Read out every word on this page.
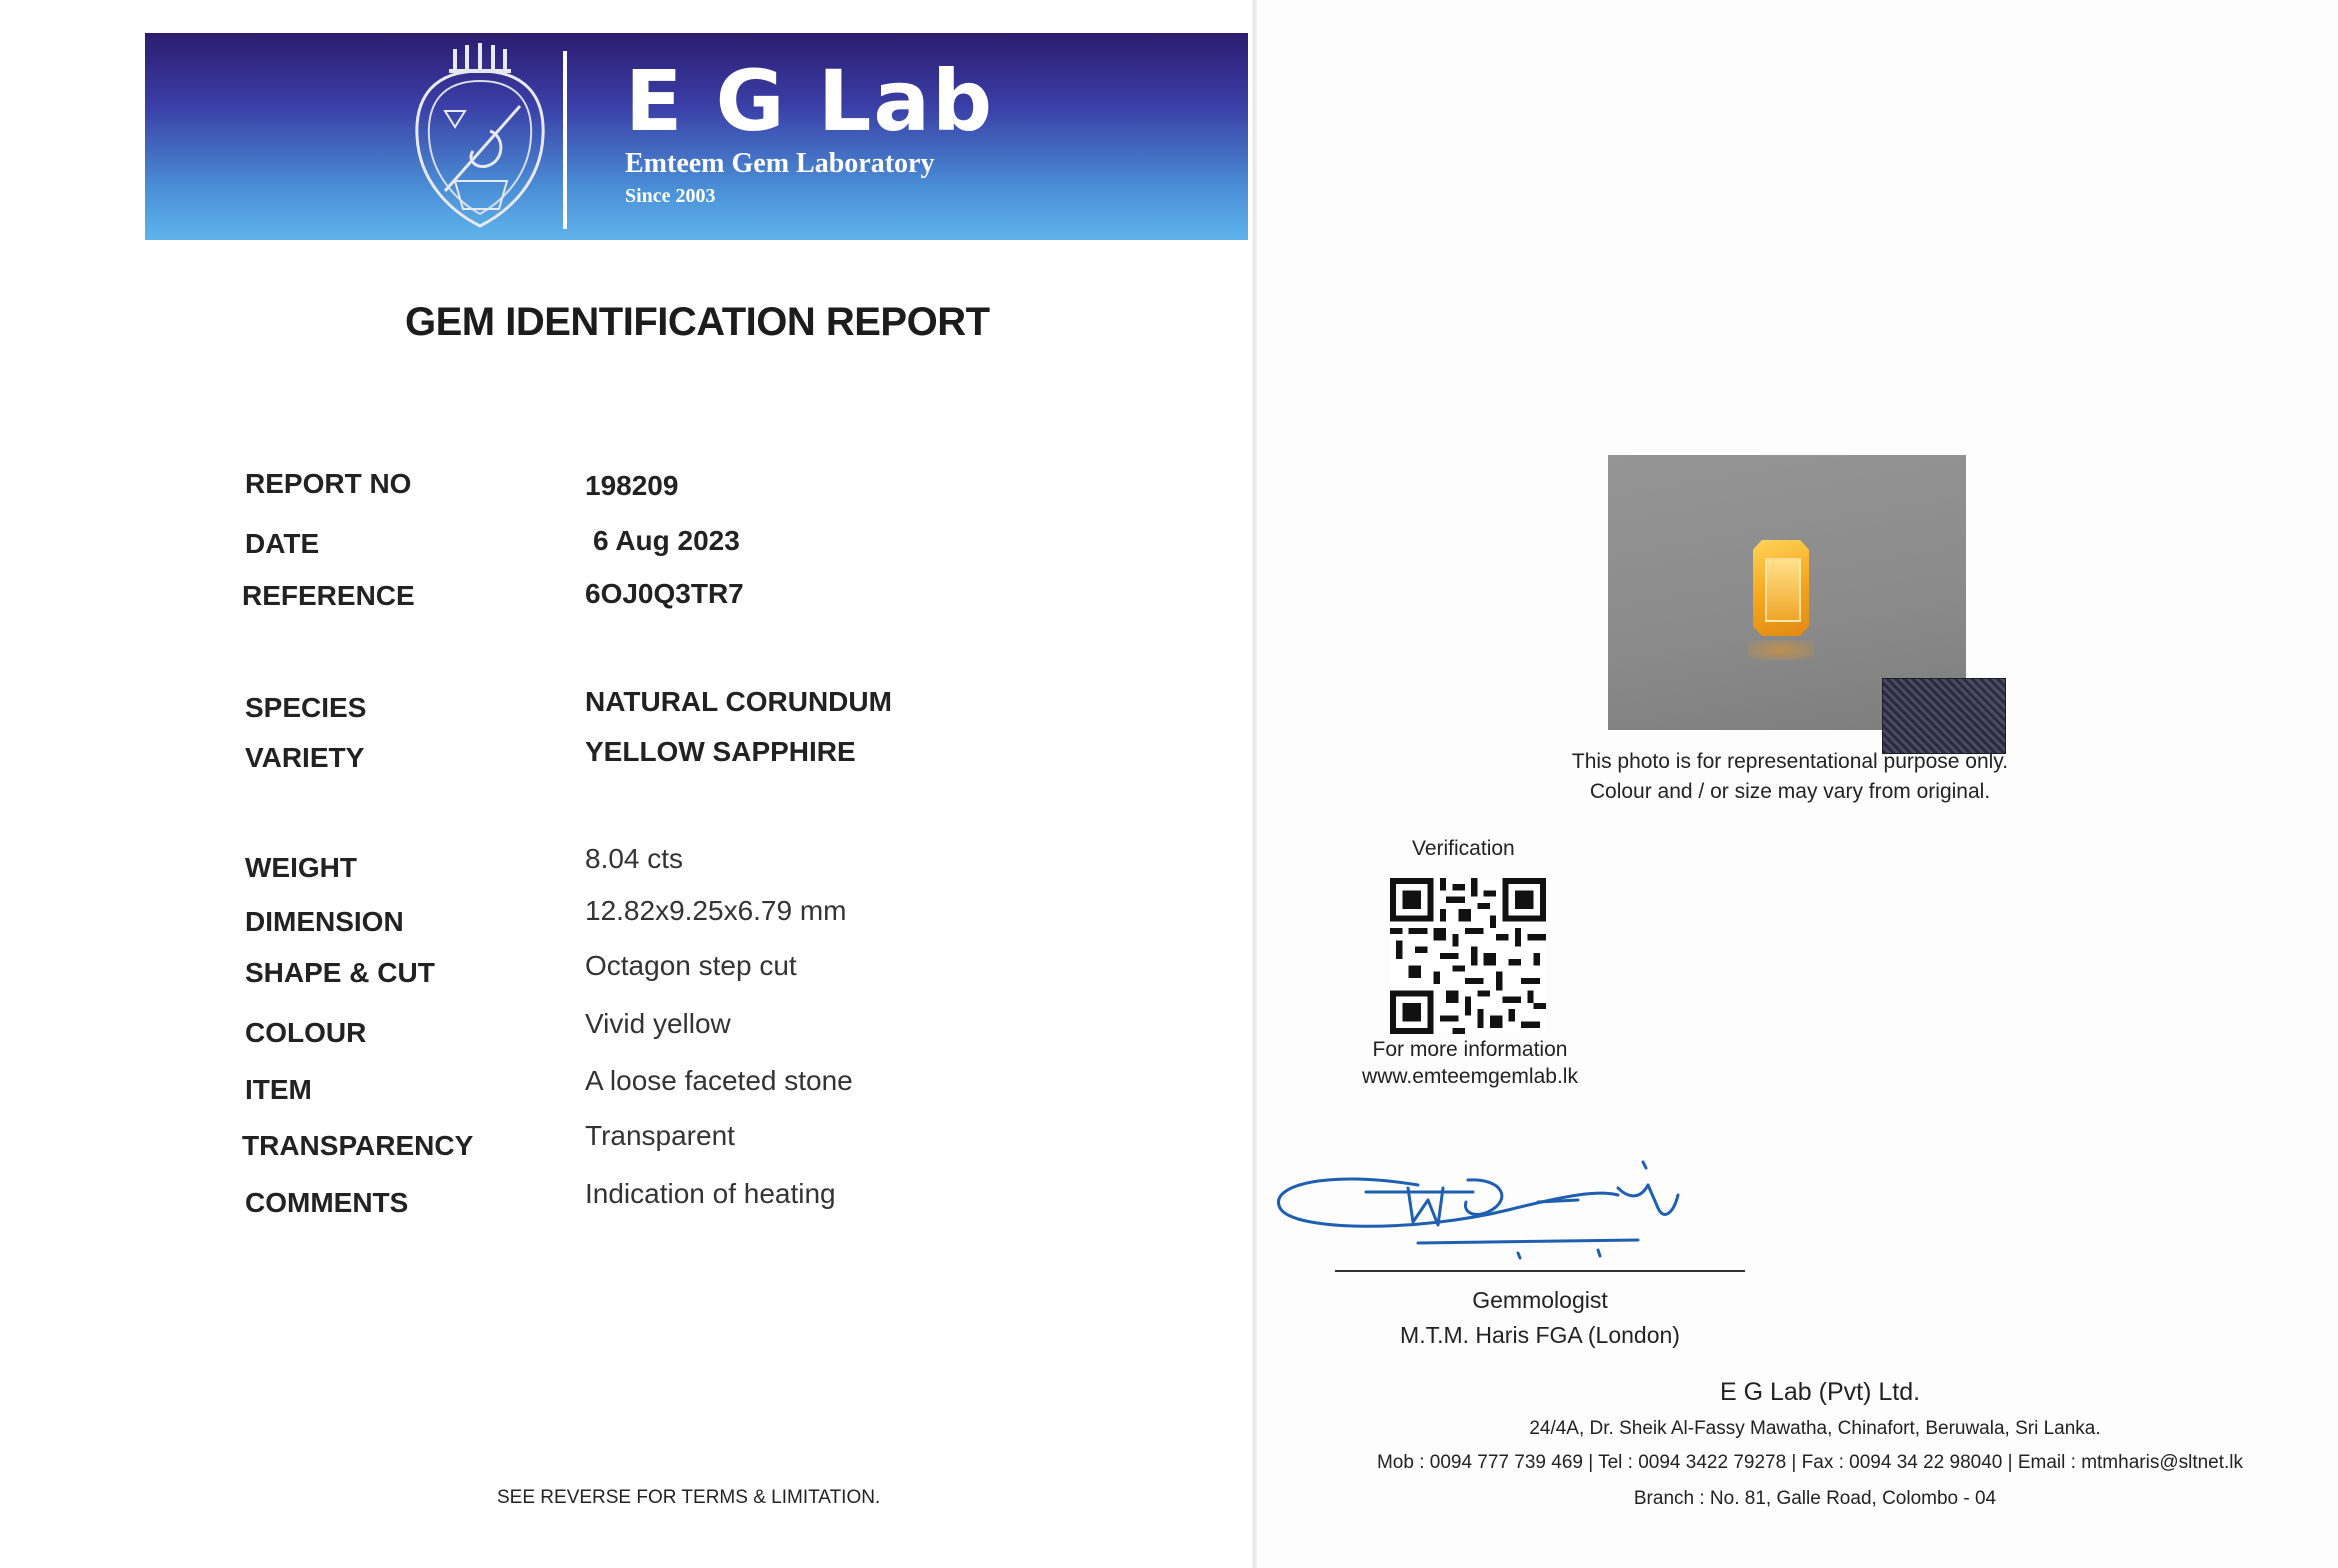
E G Lab
Emteem Gem Laboratory
Since 2003
GEM IDENTIFICATION REPORT
REPORT NO	198209
DATE	6 Aug 2023
REFERENCE	6OJ0Q3TR7
SPECIES	NATURAL CORUNDUM
VARIETY	YELLOW SAPPHIRE
WEIGHT	8.04 cts
DIMENSION	12.82x9.25x6.79 mm
SHAPE & CUT	Octagon step cut
COLOUR	Vivid yellow
ITEM	A loose faceted stone
TRANSPARENCY	Transparent
COMMENTS	Indication of heating
SEE REVERSE FOR TERMS & LIMITATION.
This photo is for representational purpose only.
Colour and / or size may vary from original.
Verification
For more information
www.emteemgemlab.lk
Gemmologist
M.T.M. Haris FGA (London)
E G Lab (Pvt) Ltd.
24/4A, Dr. Sheik Al-Fassy Mawatha, Chinafort, Beruwala, Sri Lanka.
Mob : 0094 777 739 469 | Tel : 0094 3422 79278 | Fax : 0094 34 22 98040 | Email : mtmharis@sltnet.lk
Branch : No. 81, Galle Road, Colombo - 04
